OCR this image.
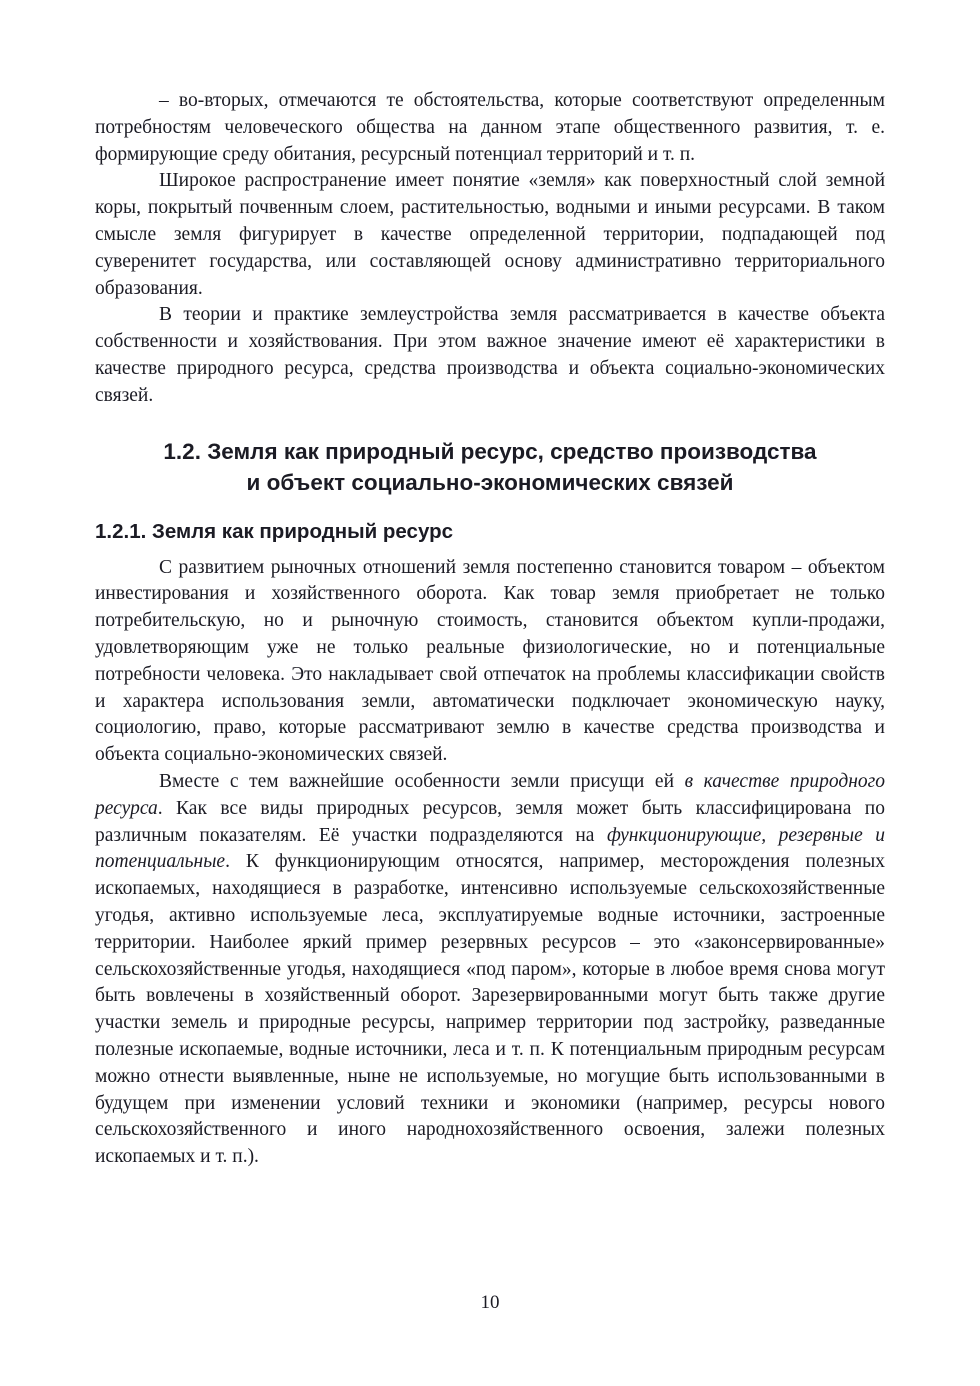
– во-вторых, отмечаются те обстоятельства, которые соответствуют определенным потребностям человеческого общества на данном этапе общественного развития, т. е. формирующие среду обитания, ресурсный потенциал территорий и т. п.

Широкое распространение имеет понятие «земля» как поверхностный слой земной коры, покрытый почвенным слоем, растительностью, водными и иными ресурсами. В таком смысле земля фигурирует в качестве определенной территории, подпадающей под суверенитет государства, или составляющей основу административно территориального образования.

В теории и практике землеустройства земля рассматривается в качестве объекта собственности и хозяйствования. При этом важное значение имеют её характеристики в качестве природного ресурса, средства производства и объекта социально-экономических связей.

1.2. Земля как природный ресурс, средство производства
и объект социально-экономических связей
1.2.1. Земля как природный ресурс

С развитием рыночных отношений земля постепенно становится товаром – объектом инвестирования и хозяйственного оборота. Как товар земля приобретает не только потребительскую, но и рыночную стоимость, становится объектом купли-продажи, удовлетворяющим уже не только реальные физиологические, но и потенциальные потребности человека. Это накладывает свой отпечаток на проблемы классификации свойств и характера использования земли, автоматически подключает экономическую науку, социологию, право, которые рассматривают землю в качестве средства производства и объекта социально-экономических связей.

Вместе с тем важнейшие особенности земли присущи ей в качестве природного ресурса. Как все виды природных ресурсов, земля может быть классифицирована по различным показателям. Её участки подразделяются на функционирующие, резервные и потенциальные. К функционирующим относятся, например, месторождения полезных ископаемых, находящиеся в разработке, интенсивно используемые сельскохозяйственные угодья, активно используемые леса, эксплуатируемые водные источники, застроенные территории. Наиболее яркий пример резервных ресурсов – это «законсервированные» сельскохозяйственные угодья, находящиеся «под паром», которые в любое время снова могут быть вовлечены в хозяйственный оборот. Зарезервированными могут быть также другие участки земель и природные ресурсы, например территории под застройку, разведанные полезные ископаемые, водные источники, леса и т. п. К потенциальным природным ресурсам можно отнести выявленные, ныне не используемые, но могущие быть использованными в будущем при изменении условий техники и экономики (например, ресурсы нового сельскохозяйственного и иного народнохозяйственного освоения, залежи полезных ископаемых и т. п.).

10
